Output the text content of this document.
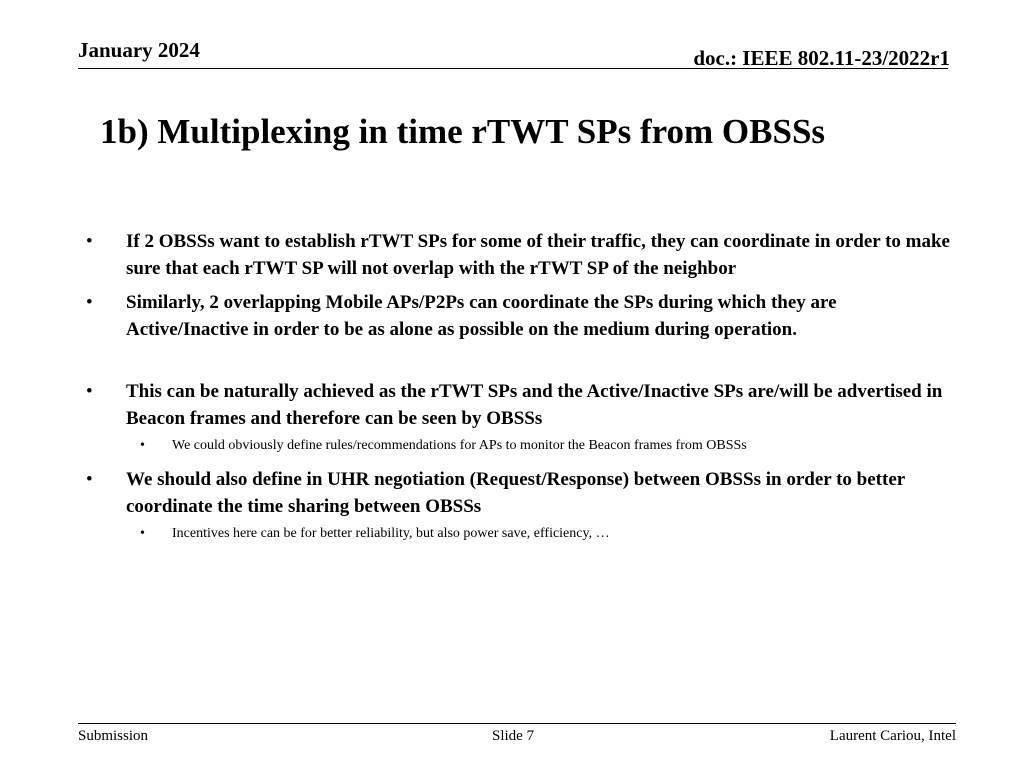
January 2024	doc.: IEEE 802.11-23/2022r1
1b) Multiplexing in time rTWT SPs from OBSSs
• If 2 OBSSs want to establish rTWT SPs for some of their traffic, they can coordinate in order to make sure that each rTWT SP will not overlap with the rTWT SP of the neighbor
• Similarly, 2 overlapping Mobile APs/P2Ps can coordinate the SPs during which they are Active/Inactive in order to be as alone as possible on the medium during operation.
• This can be naturally achieved as the rTWT SPs and the Active/Inactive SPs are/will be advertised in Beacon frames and therefore can be seen by OBSSs
• We could obviously define rules/recommendations for APs to monitor the Beacon frames from OBSSs
• We should also define in UHR negotiation (Request/Response) between OBSSs in order to better coordinate the time sharing between OBSSs
• Incentives here can be for better reliability, but also power save, efficiency, …
Submission	Slide 7	Laurent Cariou, Intel
